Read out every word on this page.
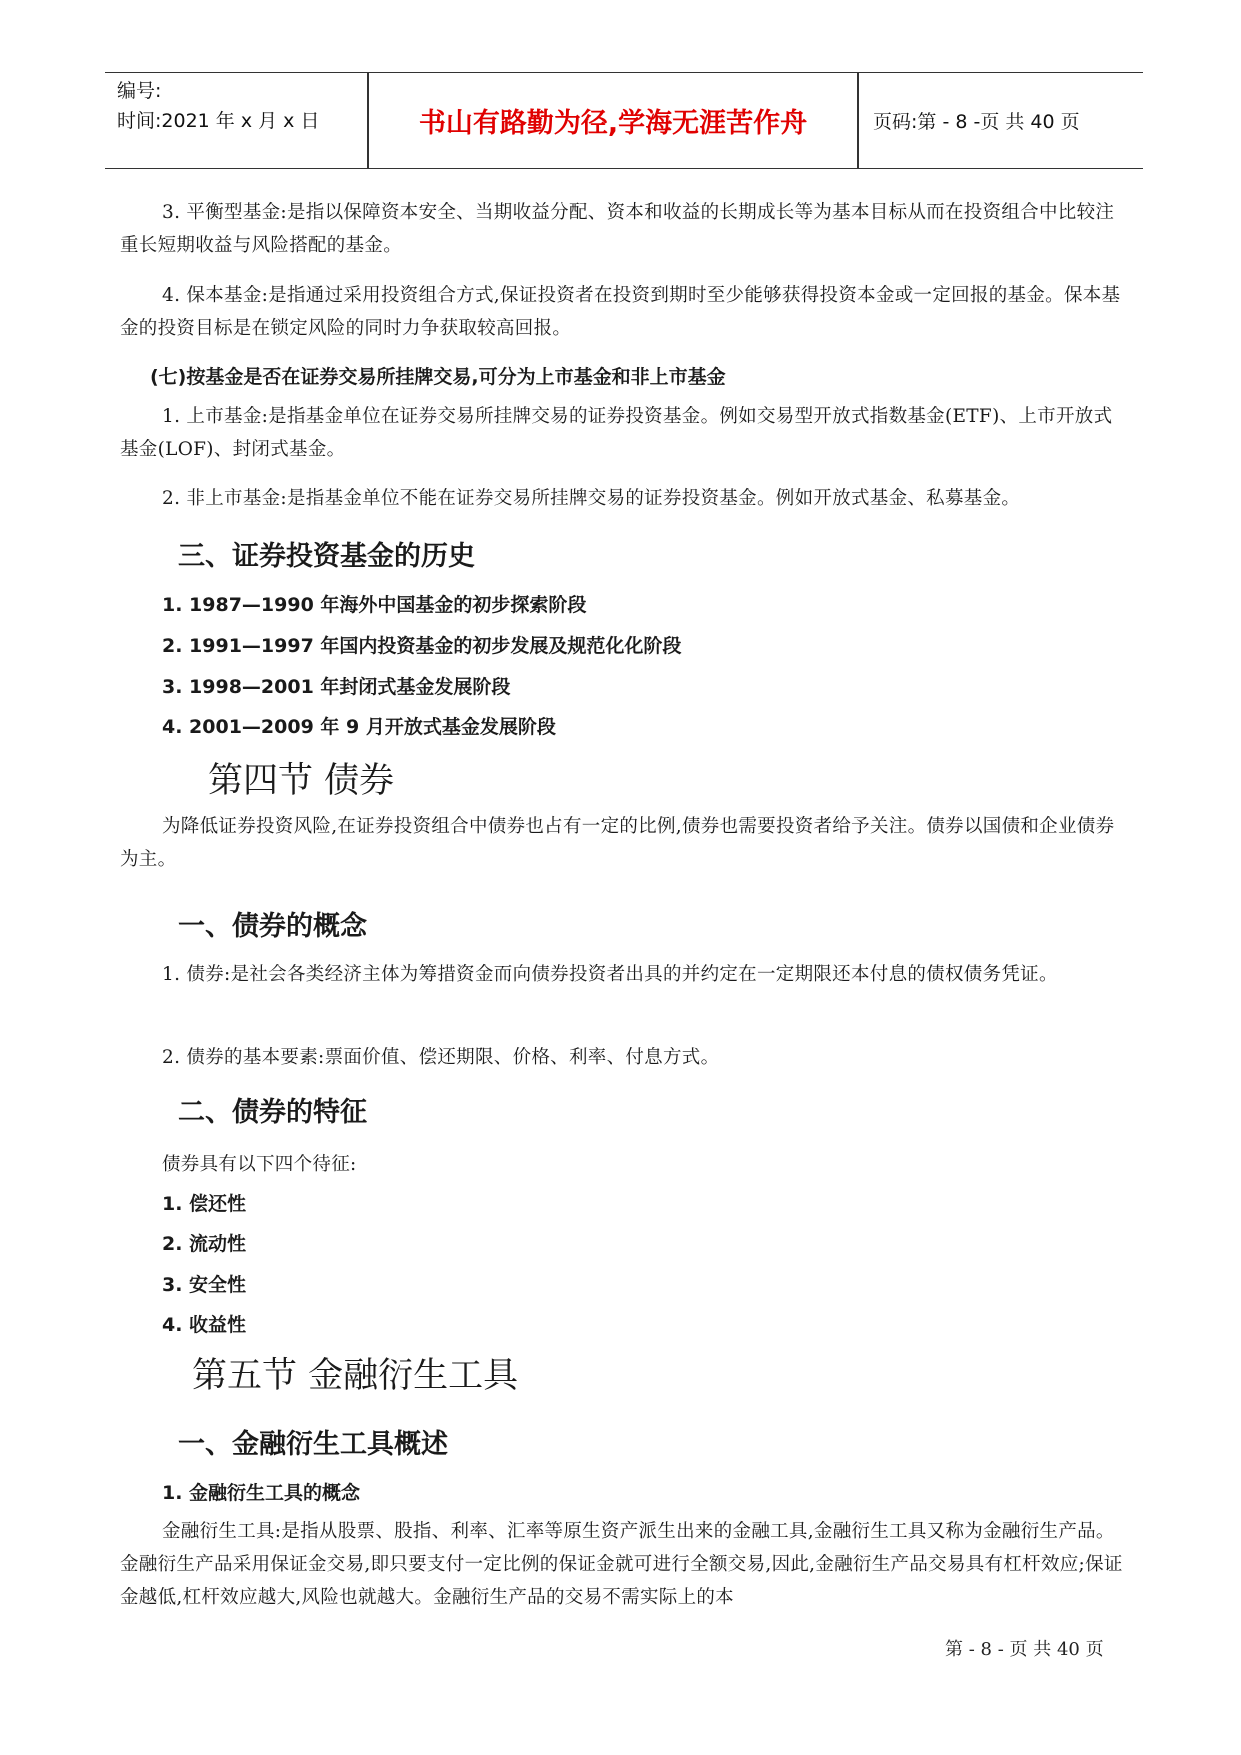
编号:
时间:2021 年 x 月 x 日	书山有路勤为径,学海无涯苦作舟	页码:第 - 8 -页 共 40 页
3. 平衡型基金:是指以保障资本安全、当期收益分配、资本和收益的长期成长等为基本目标从而在投资组合中比较注重长短期收益与风险搭配的基金。
4. 保本基金:是指通过采用投资组合方式,保证投资者在投资到期时至少能够获得投资本金或一定回报的基金。保本基金的投资目标是在锁定风险的同时力争获取较高回报。
(七)按基金是否在证券交易所挂牌交易,可分为上市基金和非上市基金
1. 上市基金:是指基金单位在证券交易所挂牌交易的证券投资基金。例如交易型开放式指数基金(ETF)、上市开放式基金(LOF)、封闭式基金。
2. 非上市基金:是指基金单位不能在证券交易所挂牌交易的证券投资基金。例如开放式基金、私募基金。
三、证券投资基金的历史
1. 1987—1990 年海外中国基金的初步探索阶段
2. 1991—1997 年国内投资基金的初步发展及规范化化阶段
3. 1998—2001 年封闭式基金发展阶段
4. 2001—2009 年 9 月开放式基金发展阶段
第四节 债券
为降低证券投资风险,在证券投资组合中债券也占有一定的比例,债券也需要投资者给予关注。债券以国债和企业债券为主。
一、债券的概念
1. 债券:是社会各类经济主体为筹措资金而向债券投资者出具的并约定在一定期限还本付息的债权债务凭证。
2. 债券的基本要素:票面价值、偿还期限、价格、利率、付息方式。
二、债券的特征
债券具有以下四个待征:
1. 偿还性
2. 流动性
3. 安全性
4. 收益性
第五节 金融衍生工具
一、金融衍生工具概述
1. 金融衍生工具的概念
金融衍生工具:是指从股票、股指、利率、汇率等原生资产派生出来的金融工具,金融衍生工具又称为金融衍生产品。金融衍生产品采用保证金交易,即只要支付一定比例的保证金就可进行全额交易,因此,金融衍生产品交易具有杠杆效应;保证金越低,杠杆效应越大,风险也就越大。金融衍生产品的交易不需实际上的本
第 - 8 - 页 共 40 页
